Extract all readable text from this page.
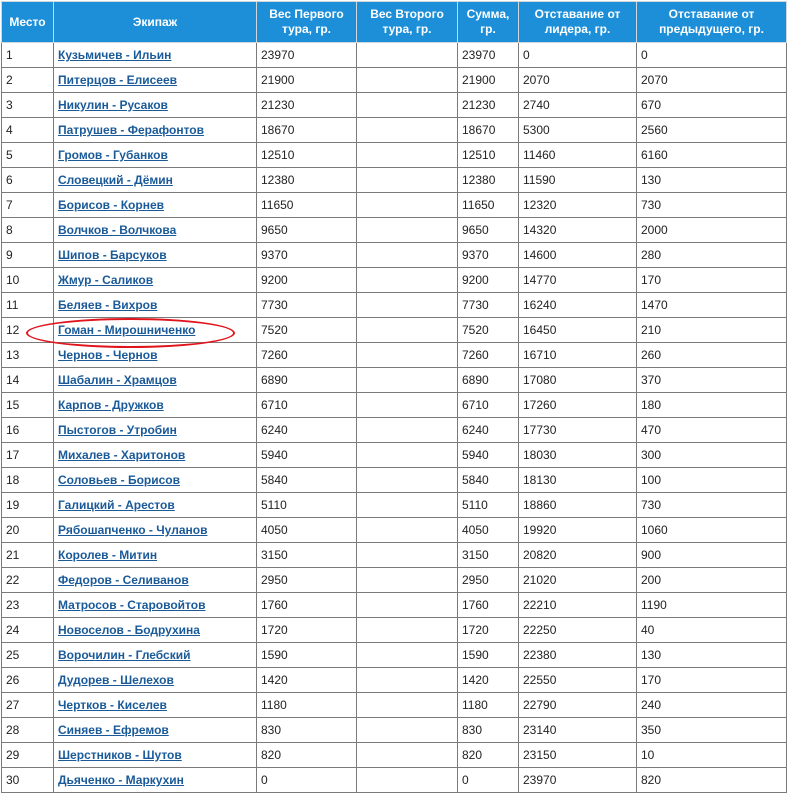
Место	Экипаж	Вес Первого тура, гр.	Вес Второго тура, гр.	Сумма, гр.	Отставание от лидера, гр.	Отставание от предыдущего, гр.
1	Кузьмичев - Ильин	23970		23970	0	0
2	Питерцов - Елисеев	21900		21900	2070	2070
3	Никулин - Русаков	21230		21230	2740	670
4	Патрушев - Ферафонтов	18670		18670	5300	2560
5	Громов - Губанков	12510		12510	11460	6160
6	Словецкий - Дёмин	12380		12380	11590	130
7	Борисов - Корнев	11650		11650	12320	730
8	Волчков - Волчкова	9650		9650	14320	2000
9	Шипов - Барсуков	9370		9370	14600	280
10	Жмур - Саликов	9200		9200	14770	170
11	Беляев - Вихров	7730		7730	16240	1470
12	Гоман - Мирошниченко	7520		7520	16450	210
13	Чернов - Чернов	7260		7260	16710	260
14	Шабалин - Храмцов	6890		6890	17080	370
15	Карпов - Дружков	6710		6710	17260	180
16	Пыстогов - Утробин	6240		6240	17730	470
17	Михалев - Харитонов	5940		5940	18030	300
18	Соловьев - Борисов	5840		5840	18130	100
19	Галицкий - Арестов	5110		5110	18860	730
20	Рябошапченко - Чуланов	4050		4050	19920	1060
21	Королев - Митин	3150		3150	20820	900
22	Федоров - Селиванов	2950		2950	21020	200
23	Матросов - Старовойтов	1760		1760	22210	1190
24	Новоселов - Бодрухина	1720		1720	22250	40
25	Ворочилин - Глебский	1590		1590	22380	130
26	Дудорев - Шелехов	1420		1420	22550	170
27	Чертков - Киселев	1180		1180	22790	240
28	Синяев - Ефремов	830		830	23140	350
29	Шерстников - Шутов	820		820	23150	10
30	Дьяченко - Маркухин	0		0	23970	820
